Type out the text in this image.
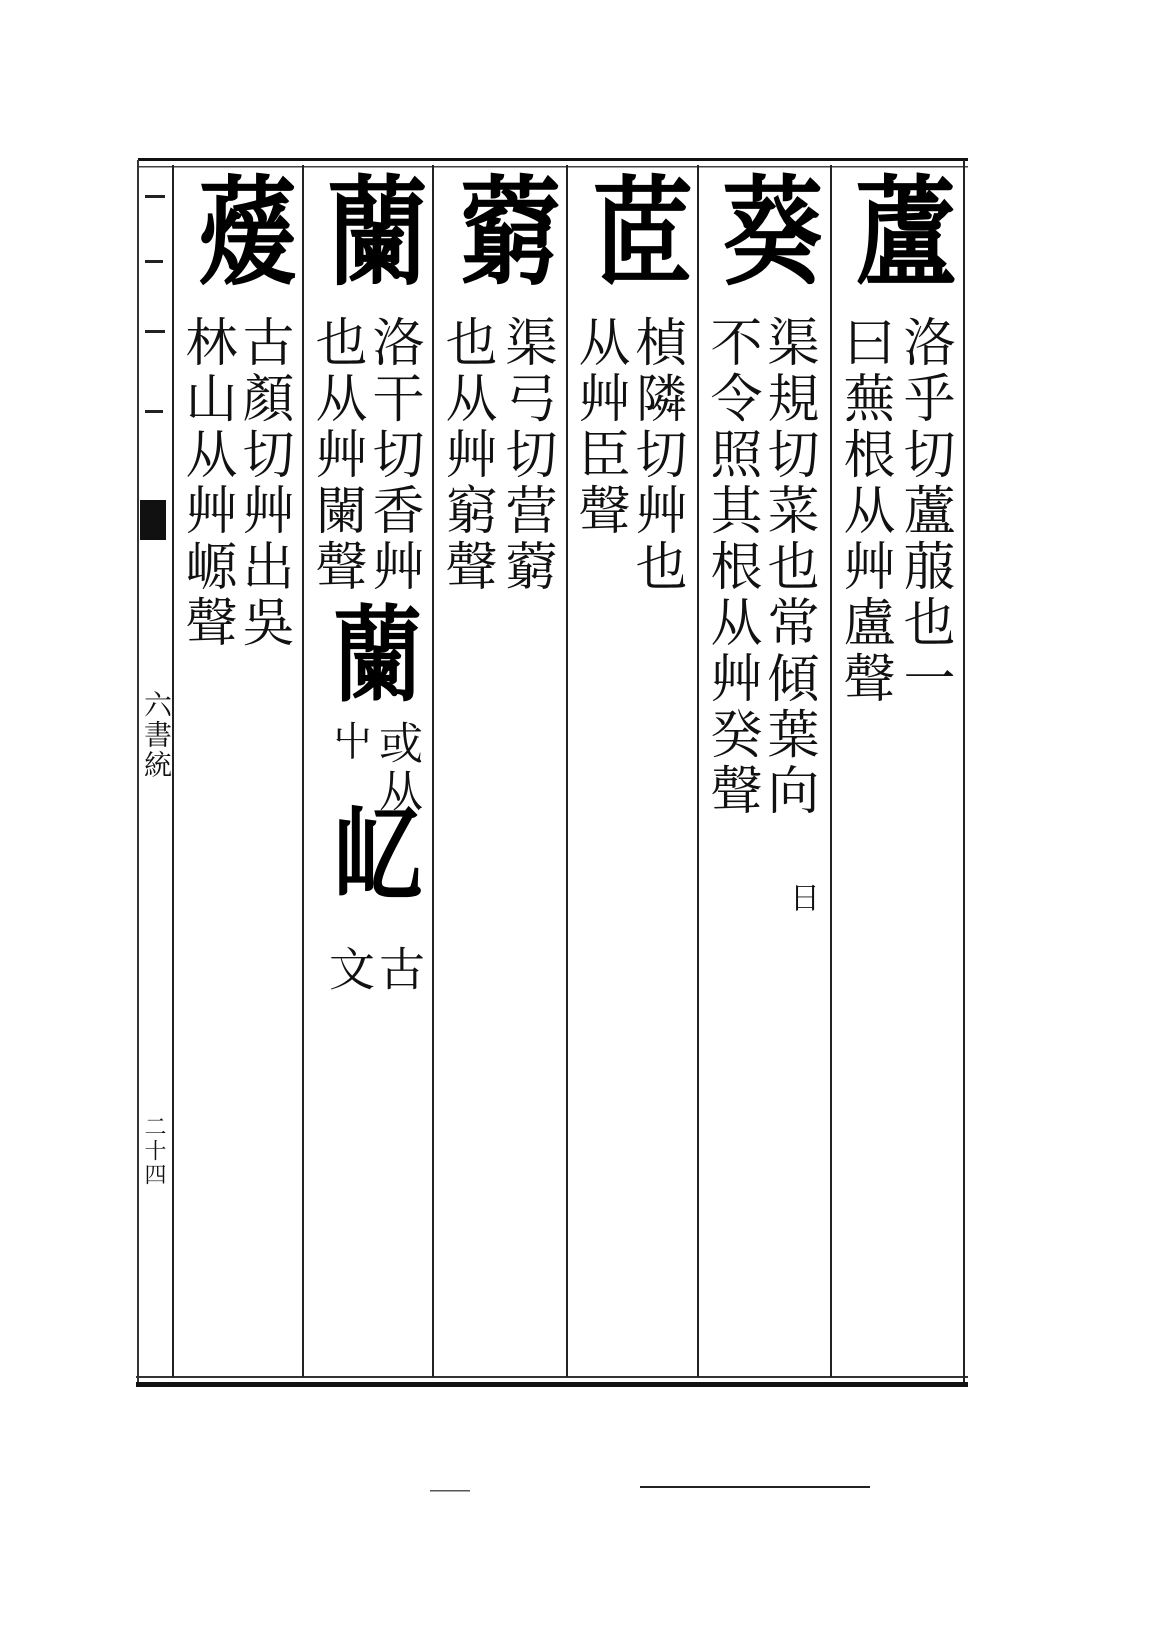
六書統
二十四
蘆
洛乎切蘆菔也一
曰蕪根从艸盧聲
葵
渠規切菜也常傾葉向
不令照其根从艸癸聲
日
茝
楨隣切艸也
从艸臣聲
藭
渠弓切营藭
也从艸窮聲
蘭
洛干切香艸
也从艸闌聲
蘭
或从
屮
𡴭
古
文
蕿
古顏切艸出吳
林山从艸㟲聲
